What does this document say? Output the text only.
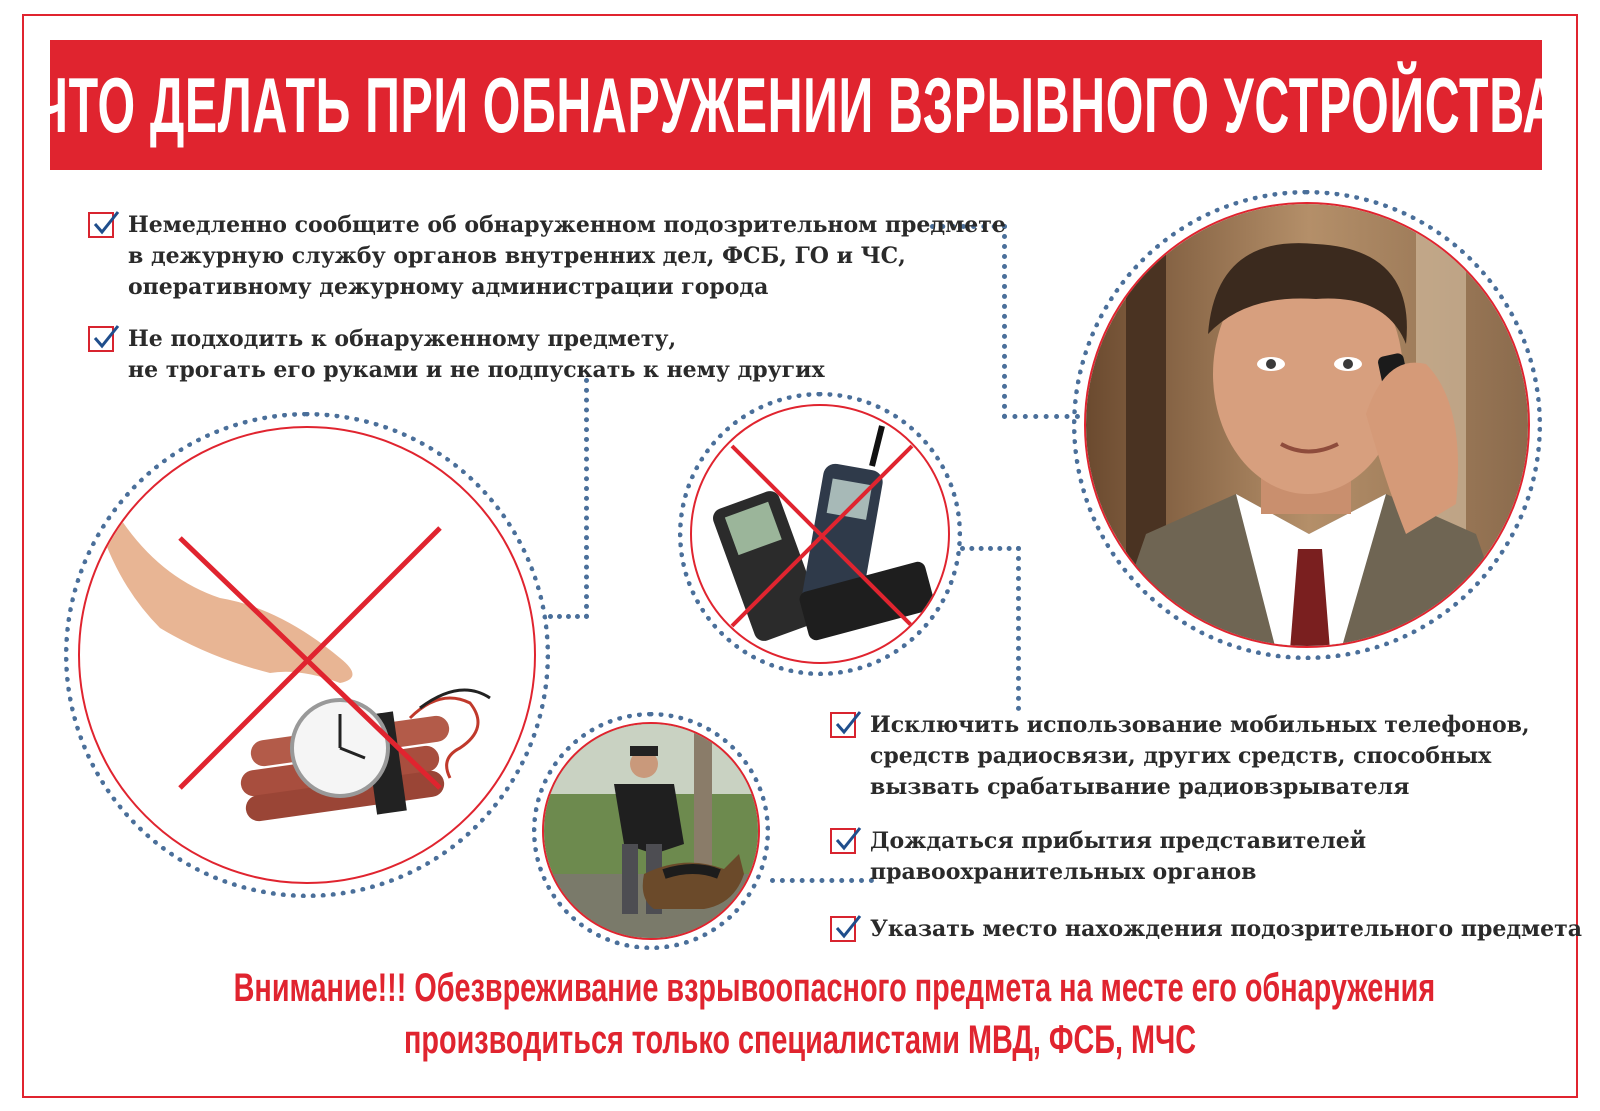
ЧТО ДЕЛАТЬ ПРИ ОБНАРУЖЕНИИ ВЗРЫВНОГО УСТРОЙСТВА
Немедленно сообщите об обнаруженном подозрительном предмете
в дежурную службу органов внутренних дел, ФСБ, ГО и ЧС,
оперативному дежурному администрации города
Не подходить к обнаруженному предмету,
не трогать его руками и не подпускать к нему других
Исключить использование мобильных телефонов,
средств радиосвязи, других средств, способных
вызвать срабатывание радиовзрывателя
Дождаться прибытия представителей
правоохранительных органов
Указать место нахождения подозрительного предмета
Внимание!!! Обезвреживание взрывоопасного предмета на месте его обнаружения
производиться только специалистами МВД, ФСБ, МЧС
